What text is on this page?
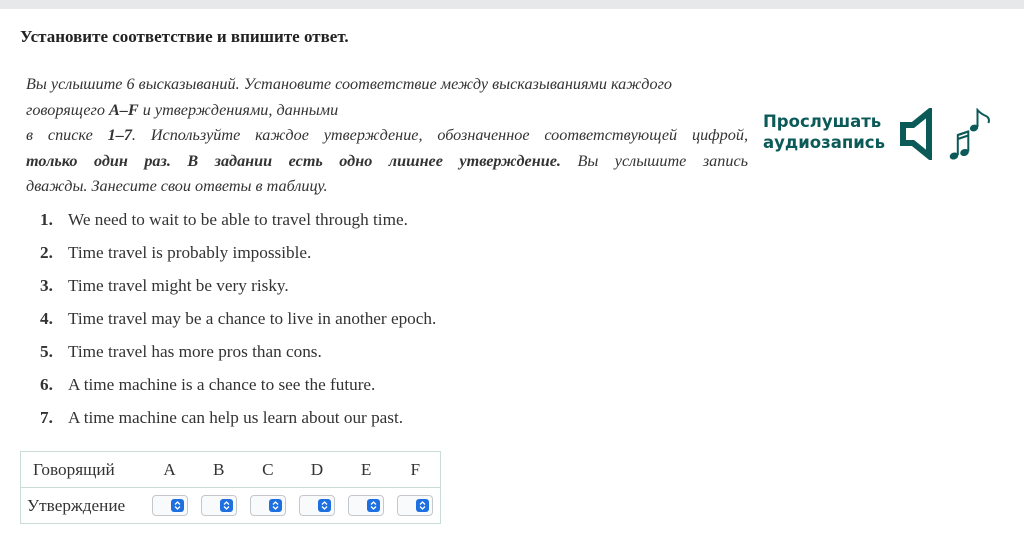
Установите соответствие и впишите ответ.
Вы услышите 6 высказываний. Установите соответствие между высказываниями каждого
говорящего A–F и утверждениями, данными
в списке 1–7. Используйте каждое утверждение, обозначенное соответствующей цифрой,
только один раз. В задании есть одно лишнее утверждение. Вы услышите запись
дважды. Занесите свои ответы в таблицу.
Прослушать
аудиозапись
1. We need to wait to be able to travel through time.
2. Time travel is probably impossible.
3. Time travel might be very risky.
4. Time travel may be a chance to live in another epoch.
5. Time travel has more pros than cons.
6. A time machine is a chance to see the future.
7. A time machine can help us learn about our past.
Говорящий	A	B	C	D	E	F
Утверждение	
